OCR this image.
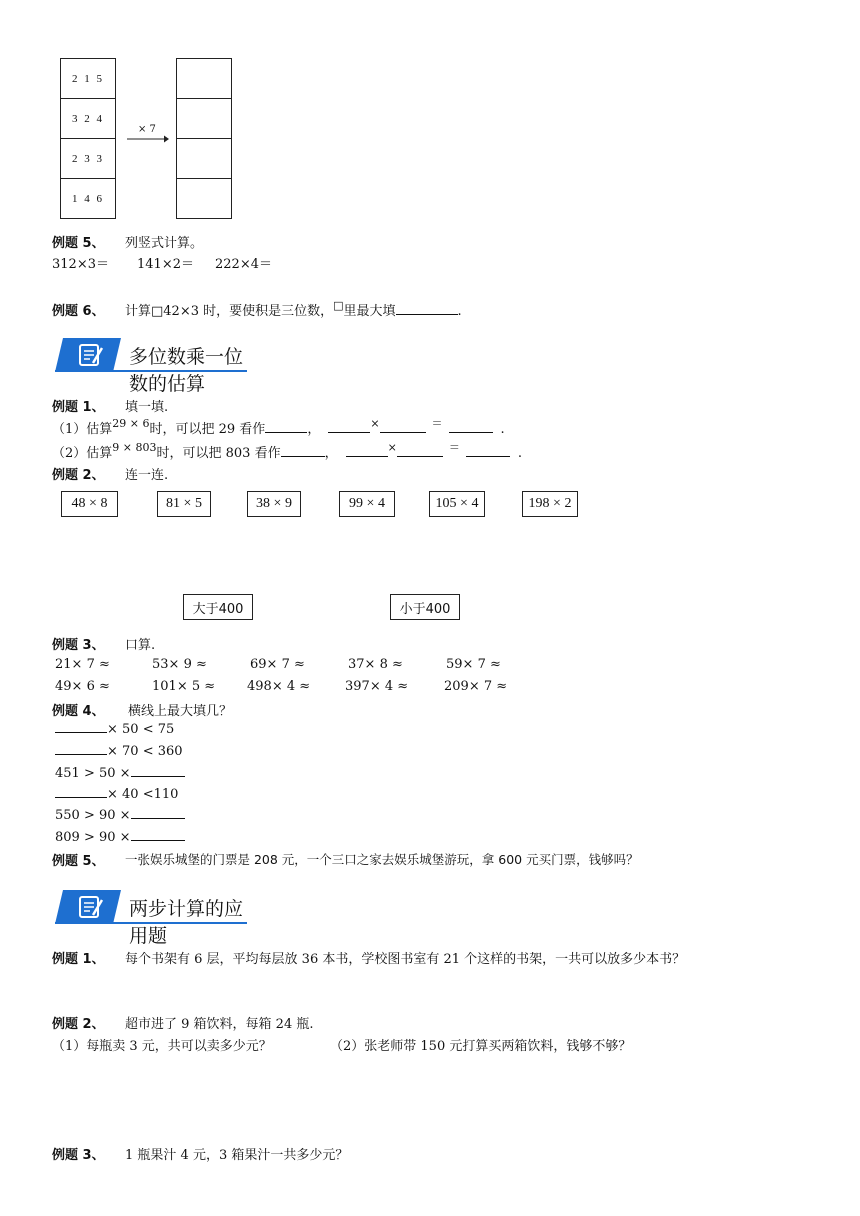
2 1 5
3 2 4
2 3 3
1 4 6
× 7
例题 5、 列竖式计算。
312×3＝ 141×2＝ 222×4＝
例题 6、 计算□42×3 时，要使积是三位数，□里最大填	.
多位数乘一位数的估算
例题 1、 填一填.
（1）估算$^{29 \times 6}$时，可以把 29 看作	，	×	＝	.
（2）估算$^{9 \times 803}$时，可以把 803 看作	，	×	＝	.
例题 2、 连一连.
48 × 8	81 × 5	38 × 9	99 × 4	105 × 4	198 × 2
大于400	小于400
例题 3、 口算.
21× 7 ≈	53× 9 ≈	69× 7 ≈	37× 8 ≈	59× 7 ≈
49× 6 ≈	101× 5 ≈ 498× 4 ≈	397× 4 ≈	209× 7 ≈
例题 4、 横线上最大填几？
× 50 < 75
× 70 < 360
451 > 50 ×
× 40 <110
550 > 90 ×
809 > 90 ×
例题 5、 一张娱乐城堡的门票是 208 元，一个三口之家去娱乐城堡游玩，拿 600 元买门票，钱够吗？
两步计算的应用题
例题 1、 每个书架有 6 层，平均每层放 36 本书，学校图书室有 21 个这样的书架，一共可以放多少本书？
例题 2、 超市进了 9 箱饮料，每箱 24 瓶.
（1）每瓶卖 3 元，共可以卖多少元？	（2）张老师带 150 元打算买两箱饮料，钱够不够？
例题 3、 1 瓶果汁 4 元，3 箱果汁一共多少元？
